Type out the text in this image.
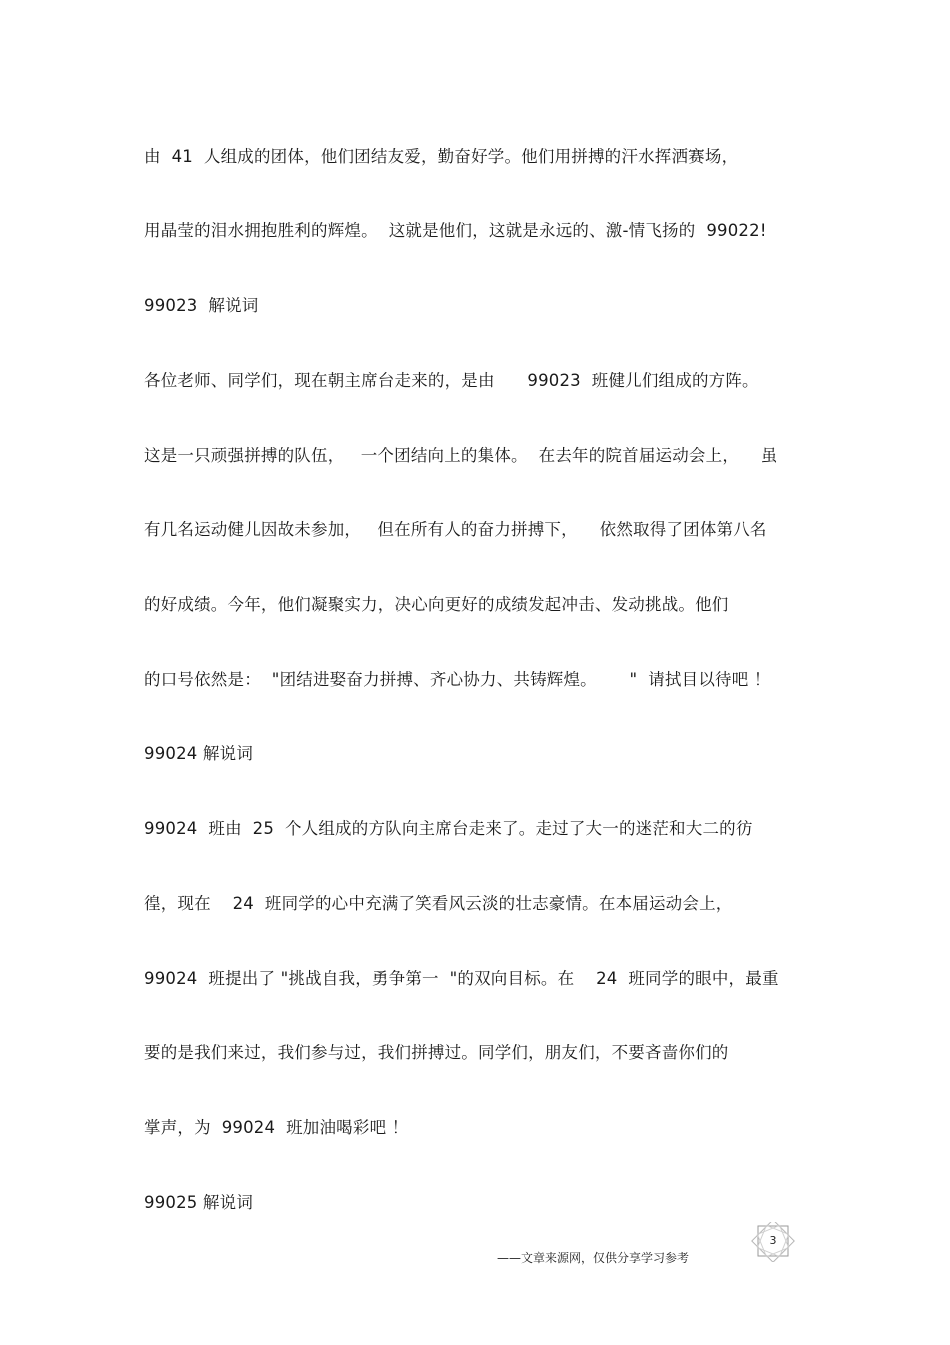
由  41  人组成的团体，他们团结友爱，勤奋好学。他们用拼搏的汗水挥洒赛场，
用晶莹的泪水拥抱胜利的辉煌。  这就是他们，这就是永远的、激-情飞扬的  99022!
99023  解说词
各位老师、同学们，现在朝主席台走来的，是由      99023  班健儿们组成的方阵。
这是一只顽强拼搏的队伍，   一个团结向上的集体。  在去年的院首届运动会上，    虽
有几名运动健儿因故未参加，   但在所有人的奋力拼搏下，    依然取得了团体第八名
的好成绩。今年，他们凝聚实力，决心向更好的成绩发起冲击、发动挑战。他们
的口号依然是：  "团结进娶奋力拼搏、齐心协力、共铸辉煌。      "  请拭目以待吧 ！
99024 解说词
99024  班由  25  个人组成的方队向主席台走来了。走过了大一的迷茫和大二的彷
徨，现在    24  班同学的心中充满了笑看风云淡的壮志豪情。在本届运动会上，
99024  班提出了 "挑战自我，勇争第一  "的双向目标。在    24  班同学的眼中，最重
要的是我们来过，我们参与过，我们拼搏过。同学们，朋友们，不要吝啬你们的
掌声，为  99024  班加油喝彩吧 ！
99025 解说词
3
——文章来源网，仅供分享学习参考
